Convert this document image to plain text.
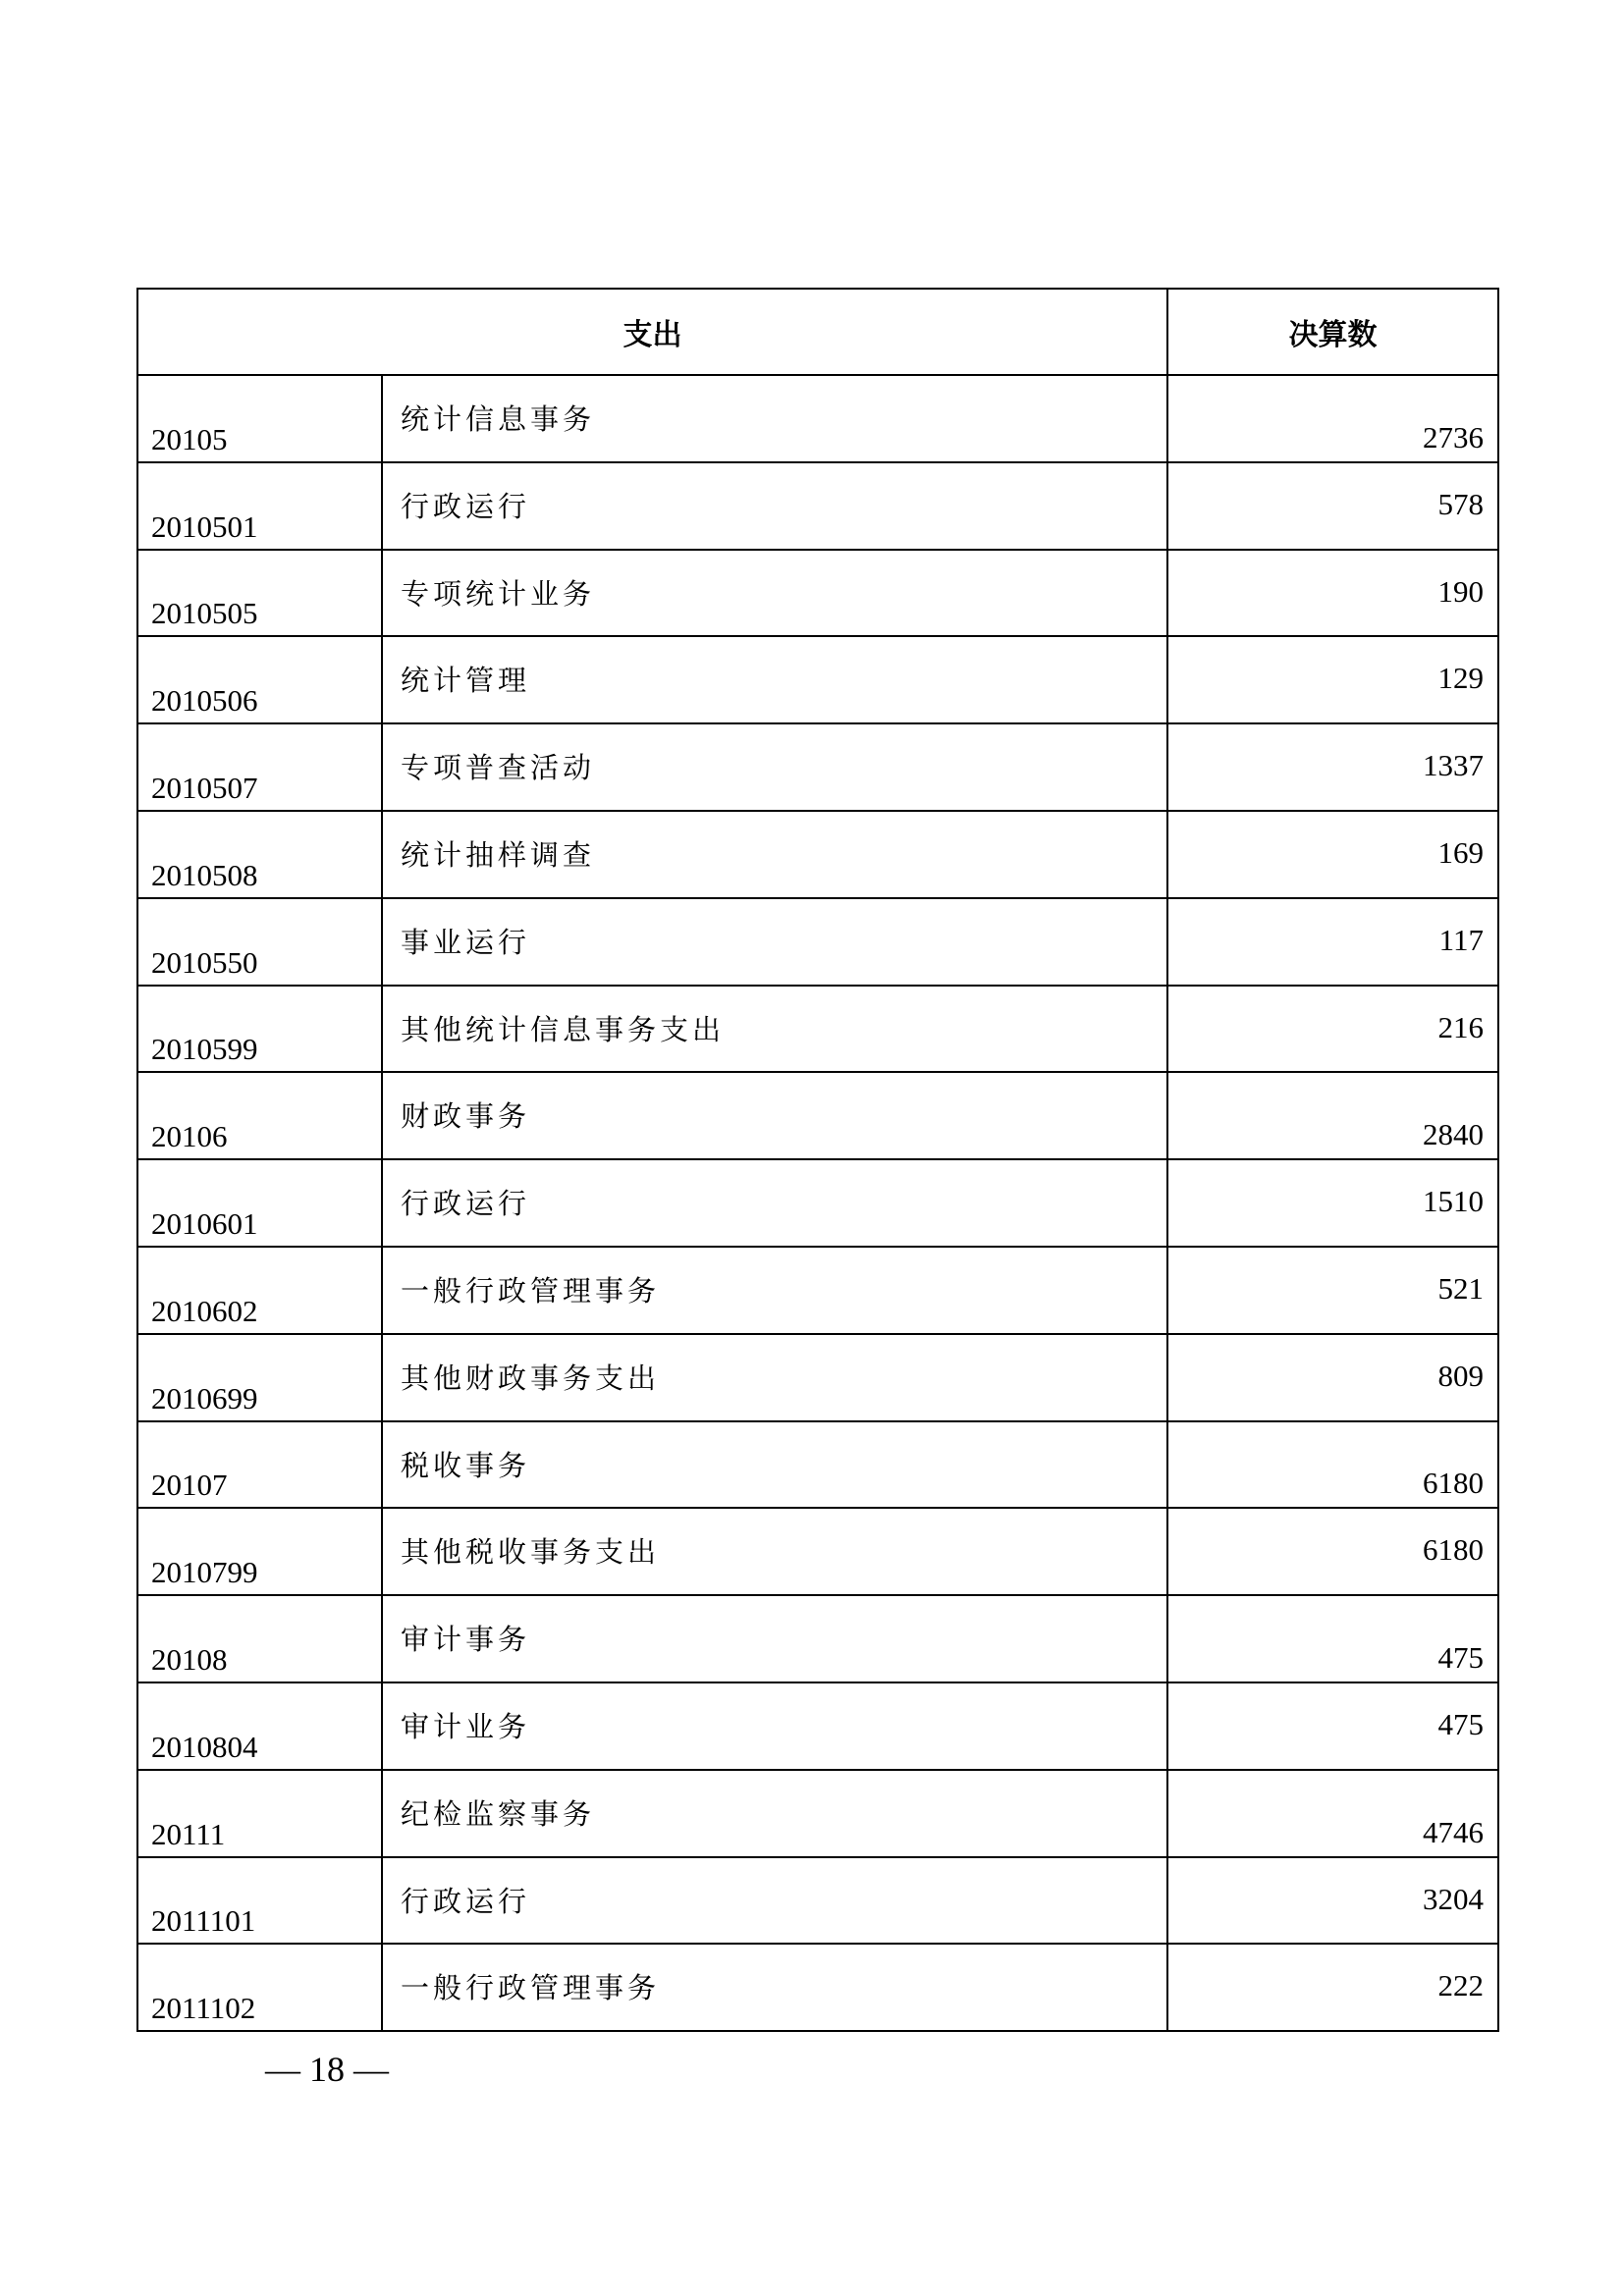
支出		决算数
20105	统计信息事务	2736
2010501	行政运行	578
2010505	专项统计业务	190
2010506	统计管理	129
2010507	专项普查活动	1337
2010508	统计抽样调查	169
2010550	事业运行	117
2010599	其他统计信息事务支出	216
20106	财政事务	2840
2010601	行政运行	1510
2010602	一般行政管理事务	521
2010699	其他财政事务支出	809
20107	税收事务	6180
2010799	其他税收事务支出	6180
20108	审计事务	475
2010804	审计业务	475
20111	纪检监察事务	4746
2011101	行政运行	3204
2011102	一般行政管理事务	222
— 18 —
